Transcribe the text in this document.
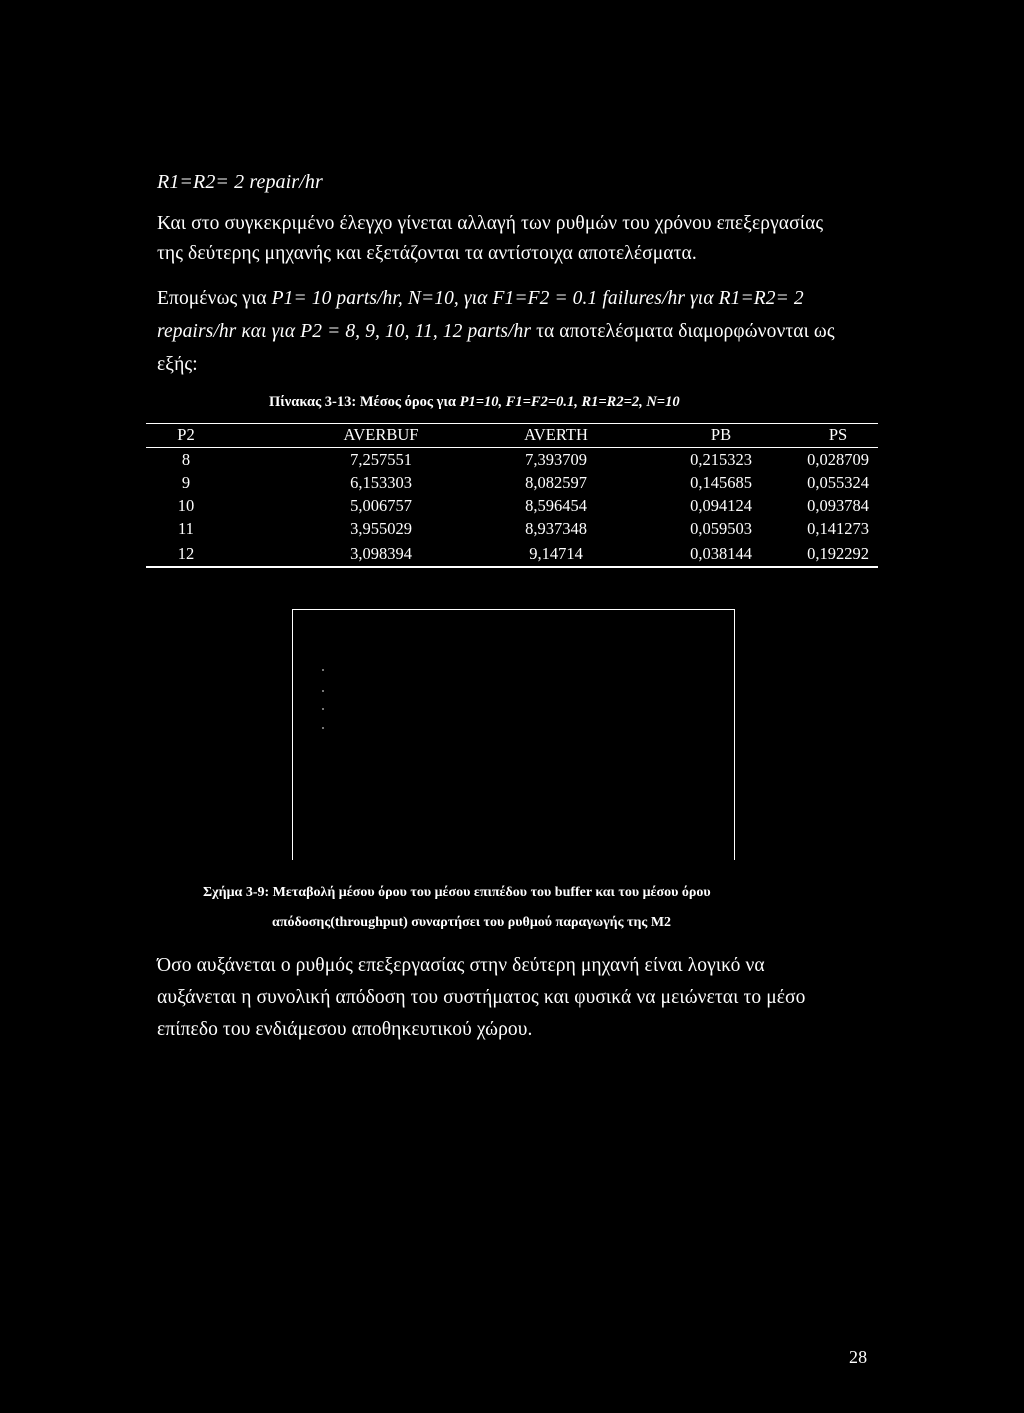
R1=R2= 2 repair/hr
Και στο συγκεκριμένο έλεγχο γίνεται αλλαγή των ρυθμών του χρόνου επεξεργασίας
της δεύτερης μηχανής και εξετάζονται τα αντίστοιχα αποτελέσματα.
Επομένως για P1= 10 parts/hr, N=10, για F1=F2 = 0.1 failures/hr για R1=R2= 2
repairs/hr και για P2 = 8, 9, 10, 11, 12 parts/hr τα αποτελέσματα διαμορφώνονται ως
εξής:
Πίνακας 3-13: Μέσος όρος για P1=10, F1=F2=0.1, R1=R2=2, N=10
P2	AVERBUF	AVERTH	PB	PS
8	7,257551	7,393709	0,215323	0,028709
9	6,153303	8,082597	0,145685	0,055324
10	5,006757	8,596454	0,094124	0,093784
11	3,955029	8,937348	0,059503	0,141273
12	3,098394	9,14714	0,038144	0,192292
Σχήμα 3-9: Μεταβολή μέσου όρου του μέσου επιπέδου του buffer και του μέσου όρου
απόδοσης(throughput) συναρτήσει του ρυθμού παραγωγής της M2
Όσο αυξάνεται ο ρυθμός επεξεργασίας στην δεύτερη μηχανή είναι λογικό να
αυξάνεται η συνολική απόδοση του συστήματος και φυσικά να μειώνεται το μέσο
επίπεδο του ενδιάμεσου αποθηκευτικού χώρου.
28
